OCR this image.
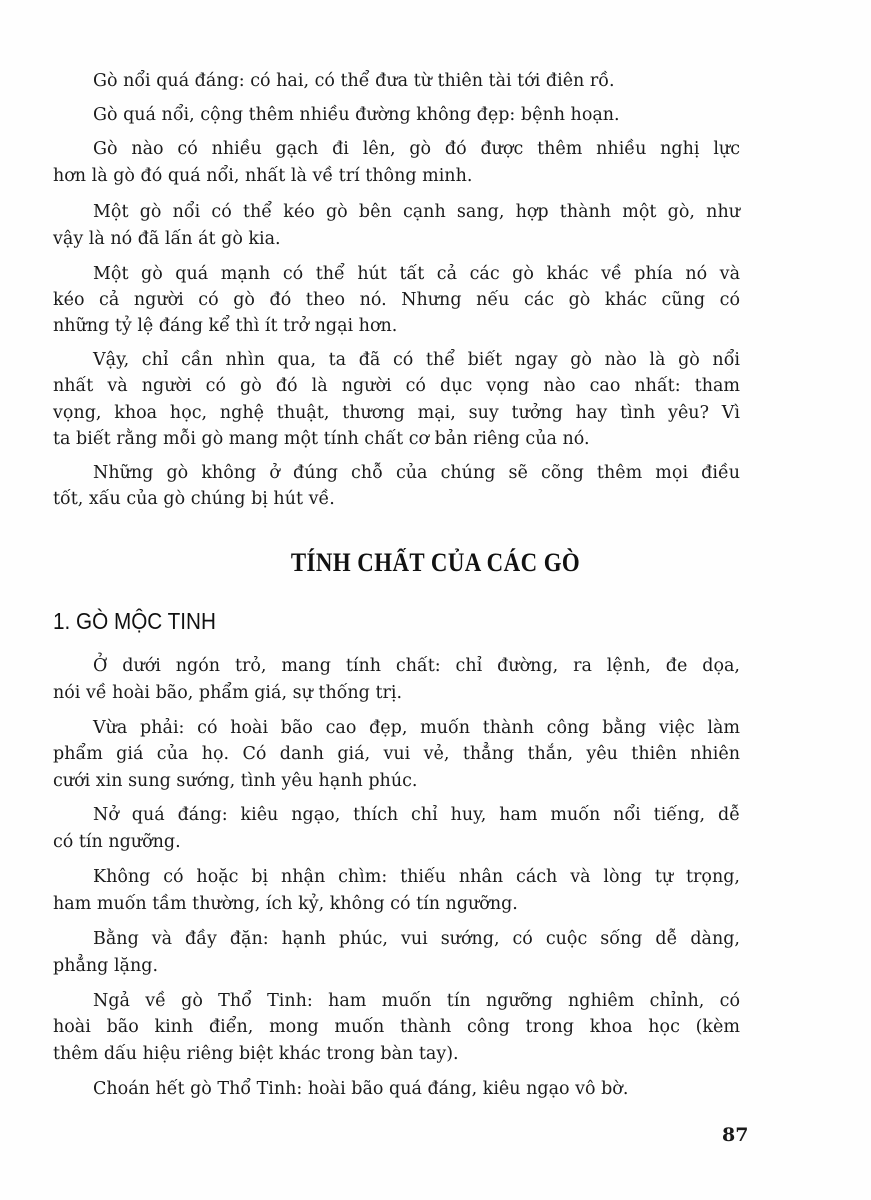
Gò nổi quá đáng: có hai, có thể đưa từ thiên tài tới điên rồ.
Gò quá nổi, cộng thêm nhiều đường không đẹp: bệnh hoạn.
Gò nào có nhiều gạch đi lên, gò đó được thêm nhiều nghị lực
hơn là gò đó quá nổi, nhất là về trí thông minh.
Một gò nổi có thể kéo gò bên cạnh sang, hợp thành một gò, như
vậy là nó đã lấn át gò kia.
Một gò quá mạnh có thể hút tất cả các gò khác về phía nó và
kéo cả người có gò đó theo nó. Nhưng nếu các gò khác cũng có
những tỷ lệ đáng kể thì ít trở ngại hơn.
Vậy, chỉ cần nhìn qua, ta đã có thể biết ngay gò nào là gò nổi
nhất và người có gò đó là người có dục vọng nào cao nhất: tham
vọng, khoa học, nghệ thuật, thương mại, suy tưởng hay tình yêu? Vì
ta biết rằng mỗi gò mang một tính chất cơ bản riêng của nó.
Những gò không ở đúng chỗ của chúng sẽ cõng thêm mọi điều
tốt, xấu của gò chúng bị hút về.
TÍNH CHẤT CỦA CÁC GÒ
1. GÒ MỘC TINH
Ở dưới ngón trỏ, mang tính chất: chỉ đường, ra lệnh, đe dọa,
nói về hoài bão, phẩm giá, sự thống trị.
Vừa phải: có hoài bão cao đẹp, muốn thành công bằng việc làm
phẩm giá của họ. Có danh giá, vui vẻ, thẳng thắn, yêu thiên nhiên
cưới xin sung sướng, tình yêu hạnh phúc.
Nở quá đáng: kiêu ngạo, thích chỉ huy, ham muốn nổi tiếng, dễ
có tín ngưỡng.
Không có hoặc bị nhận chìm: thiếu nhân cách và lòng tự trọng,
ham muốn tầm thường, ích kỷ, không có tín ngưỡng.
Bằng và đầy đặn: hạnh phúc, vui sướng, có cuộc sống dễ dàng,
phẳng lặng.
Ngả về gò Thổ Tinh: ham muốn tín ngưỡng nghiêm chỉnh, có
hoài bão kinh điển, mong muốn thành công trong khoa học (kèm
thêm dấu hiệu riêng biệt khác trong bàn tay).
Choán hết gò Thổ Tinh: hoài bão quá đáng, kiêu ngạo vô bờ.
87
